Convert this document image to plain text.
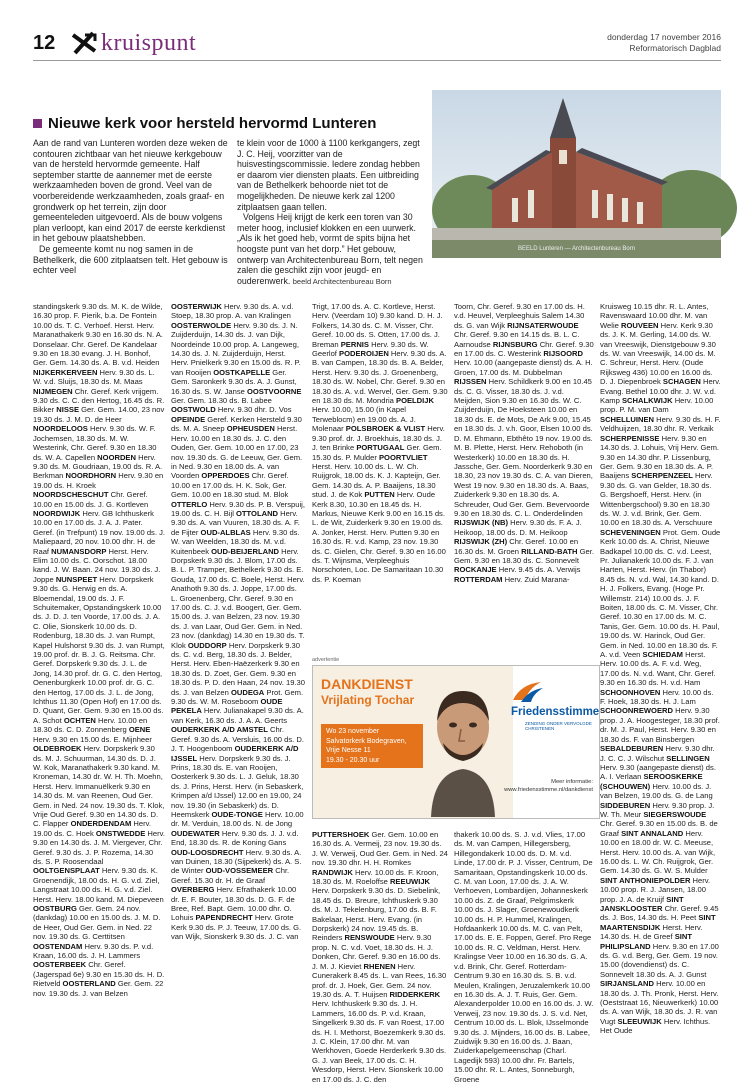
12 kruispunt	donderdag 17 november 2016
Reformatorisch Dagblad
Nieuwe kerk voor hersteld hervormd Lunteren

Aan de rand van Lunteren worden deze weken de contouren zichtbaar van het nieuwe kerkgebouw van de hersteld hervormde gemeente. Half september startte de aannemer met de eerste werkzaamheden boven de grond. Veel van de voorbereidende werkzaamheden, zoals graaf- en grondwerk op het terrein, zijn door gemeenteleden uitgevoerd. Als de bouw volgens plan verloopt, kan eind 2017 de eerste kerkdienst in het gebouw plaatshebben.

De gemeente komt nu nog samen in de Bethelkerk, die 600 zitplaatsen telt. Het gebouw is echter veel

te klein voor de 1000 à 1100 kerkgangers, zegt J. C. Heij, voorzitter van de huisvestingscommissie. Iedere zondag hebben er daarom vier diensten plaats. Een uitbreiding van de Bethelkerk behoorde niet tot de mogelijkheden. De nieuwe kerk zal 1200 zitplaatsen gaan tellen.

Volgens Heij krijgt de kerk een toren van 30 meter hoog, inclusief klokken en een uurwerk. „Als ik het goed heb, vormt de spits bijna het hoogste punt van het dorp.” Het gebouw, ontwerp van Architectenbureau Born, telt negen zalen die geschikt zijn voor jeugd- en ouderenwerk. beeld Architectenbureau Born

BEELD Lunteren — Architectenbureau Born
standingskerk 9.30 ds. M. K. de Wilde, 16.30 prop. F. Pierik, b.a. De Fontein 10.00 ds. T. C. Verhoef. Herst. Herv. Maranathakerk 9.30 en 16.30 ds. N. A. Donselaar. Chr. Geref. De Kandelaar 9.30 en 18.30 evang. J. H. Bonhof, Ger. Gem. 14.30 ds. A. B. v.d. Heiden NIJKERKERVEEN Herv. 9.30 ds. L. W. v.d. Sluijs, 18.30 ds. M. Maas NIJMEGEN Chr. Geref. Kerk vrijgem. 9.30 ds. C. C. den Hertog, 16.45 ds. R. Bikker NISSE Ger. Gem. 14.00, 23 nov 19.30 ds. J. M. D. de Heer NOORDELOOS Herv. 9.30 ds. W. F. Jochemsen, 18.30 ds. M. W. Westerink, Chr. Geref. 9.30 en 18.30 ds. W. A. Capellen NOORDEN Herv. 9.30 ds. M. Goudriaan, 19.00 ds. R. A. Berkman NOORDHORN Herv. 9.30 en 19.00 ds. H. Kroek NOORDSCHESCHUT Chr. Geref. 10.00 en 15.00 ds. J. G. Kortleven NOORDWIJK Herv. GB Ichthuskerk 10.00 en 17.00 ds. J. A. J. Pater. Geref. (in Trefpunt) 19 nov. 19.00 ds. J. Maliepaard, 20 nov. 10.00 dhr. H. de Raaf NUMANSDORP Herst. Herv. Elim 10.00 ds. C. Oorschot. 18.00 kand. J. W. Baan. 24 nov. 19.30 ds. J. Joppe NUNSPEET Herv. Dorpskerk 9.30 ds. G. Herwig en ds. A. Bloemendal, 19.00 ds. J. F. Schuitemaker, Opstandingskerk 10.00 ds. J. D. J. ten Voorde, 17.00 ds. J. A. C. Olie, Sionskerk 10.00 ds. D. Rodenburg, 18.30 ds. J. van Rumpt, Kapel Hulshorst 9.30 ds. J. van Rumpt, 19.00 prof. dr. B. J. G. Reitsma. Chr. Geref. Dorpskerk 9.30 ds. J. L. de Jong, 14.30 prof. dr. G. C. den Hertog, Oenenburgkerk 10.00 prof. dr. G. C. den Hertog, 17.00 ds. J. L. de Jong, Ichthus 11.30 (Open Hof) en 17.00 ds. D. Quant, Ger. Gem. 9.30 en 15.00 ds. A. Schot OCHTEN Herv. 10.00 en 18.30 ds. C. D. Zonnenberg OENE Herv. 9.30 en 15.00 ds. E. Mijnheer OLDEBROEK Herv. Dorpskerk 9.30 ds. M. J. Schuurman, 14.30 ds. D. J. W. Kok, Maranathakerk 9.30 kand. M. Kroneman, 14.30 dr. W. H. Th. Moehn, Herst. Herv. Immanuëlkerk 9.30 en 14.30 ds. M. van Reenen, Oud Ger. Gem. in Ned. 24 nov. 19.30 ds. T. Klok, Vrije Oud Geref. 9.30 en 14.30 ds. D. C. Flapper ONDERDENDAM Herv. 19.00 ds. C. Hoek ONSTWEDDE Herv. 9.30 en 14.30 ds. J. M. Viergever, Chr. Geref. 9.30 ds. J. P. Rozema, 14.30 ds. S. P. Roosendaal OOLTGENSPLAAT Herv. 9.30 ds. K. Groenendijk, 18.00 ds. H. G. v.d. Ziel, Langstraat 10.00 ds. H. G. v.d. Ziel. Herst. Herv. 18.00 kand. M. Diepeveen OOSTBURG Ger. Gem. 24 nov. (dankdag) 10.00 en 15.00 ds. J. M. D. de Heer, Oud Ger. Gem. in Ned. 22 nov. 19.30 ds. G. Certtitsen OOSTENDAM Herv. 9.30 ds. P. v.d. Kraan, 16.00 ds. J. H. Lammers OOSTERBEEK Chr. Geref. (Jagerspad 6e) 9.30 en 15.30 ds. H. D. Rietveld OOSTERLAND Ger. Gem. 22 nov. 19.30 ds. J. van Belzen
OOSTERWIJK Herv. 9.30 ds. A. v.d. Stoep, 18.30 prop. A. van Kralingen OOSTERWOLDE Herv. 9.30 ds. J. N. Zuijderduijn, 14.30 ds. J. van Dijk, Noordeinde 10.00 prop. A. Langeweg, 14.30 ds. J. N. Zuijderduijn, Herst. Herv. Pnielkerk 9.30 en 15.00 ds. R. P. van Rooijen OOSTKAPELLE Ger. Gem. Saronkerk 9.30 ds. A. J. Gunst, 16.30 ds. S. W. Janse OOSTVOORNE Ger. Gem. 18.30 ds. B. Labee OOSTWOLD Herv. 9.30 dhr. D. Vos OPEINDE Geref. Kerken Hersteld 9.30 ds. M. A. Sneep OPHEUSDEN Herst. Herv. 10.00 en 18.30 ds. J. C. den Ouden, Ger. Gem. 10.00 en 17.00, 23 nov. 19.30 ds. G. de Leeuw, Ger. Gem. in Ned. 9.30 en 18.00 ds. A. van Voorden OPPERDOES Chr. Geref. 10.00 en 17.00 ds. H. K. Sok, Ger. Gem. 10.00 en 18.30 stud. M. Blok OTTERLO Herv. 9.30 ds. P. B. Verspuij, 19.00 ds. C. H. Bijl OTTOLAND Herv. 9.30 ds. A. van Vuuren, 18.30 ds. A. F. de Fijter OUD-ALBLAS Herv. 9.30 ds. W. van Weelden, 18.30 ds. M. v.d. Kuitenbeek OUD-BEIJERLAND Herv. Dorpskerk 9.30 ds. J. Blom, 17.00 ds. B. L. P. Tramper, Bethelkerk 9.30 ds. E. Gouda, 17.00 ds. C. Boele, Herst. Herv. Anathoth 9.30 ds. J. Joppe, 17.00 ds. L. Groenenberg, Chr. Geref. 9.30 en 17.00 ds. C. J. v.d. Boogert, Ger. Gem. 15.00 ds. J. van Belzen, 23 nov. 19.30 ds. J. van Laar, Oud Ger. Gem. in Ned. 23 nov. (dankdag) 14.30 en 19.30 ds. T. Klok OUDDORP Herv. Dorpskerk 9.30 ds. C. v.d. Berg, 18.30 ds. J. Belder, Herst. Herv. Eben-Haëzerkerk 9.30 en 18.30 ds. D. Zoet, Ger. Gem. 9.30 en 18.30 ds. P. D. den Haan, 24 nov. 19.30 ds. J. van Belzen OUDEGA Prot. Gem. 9.30 ds. W. M. Roseboom OUDE PEKELA Herv. Julianakapel 9.30 ds. A. van Kerk, 16.30 ds. J. A. A. Geerts OUDERKERK A/D AMSTEL Chr. Geref. 9.30 ds. A. Versluis, 16.00 ds. D. J. T. Hoogenboom OUDERKERK A/D IJSSEL Herv. Dorpskerk 9.30 ds. J. Prins, 18.30 ds. E. van Rooijen, Oosterkerk 9.30 ds. L. J. Geluk, 18.30 ds. J. Prins, Herst. Herv. (in Sebaskerk, Krimpen a/d IJssel) 12.00 en 19.00, 24 nov. 19.30 (in Sebaskerk) ds. D. Heemskerk OUDE-TONGE Herv. 10.00 dr. M. Verduin, 18.00 ds. N. de Jong OUDEWATER Herv. 9.30 ds. J. J. v.d. End, 18.30 ds. R. de Koning Gans OUD-LOOSDRECHT Herv. 9.30 ds. A. van Duinen, 18.30 (Sijpekerk) ds. A. S. de Winter OUD-VOSSEMEER Chr. Geref. 15.30 dr. H. de Graaf OVERBERG Herv. Efrathakerk 10.00 dr. E. F. Bouter, 18.30 ds. D. G. F. de Bree, Ref. Bapt. Gem. 10.00 dhr. O. Lohuis PAPENDRECHT Herv. Grote Kerk 9.30 ds. P. J. Teeuw, 17.00 ds. G. van Wijk, Sionskerk 9.30 ds. J. C. van
Trigt, 17.00 ds. A. C. Kortleve, Herst. Herv. (Veerdam 10) 9.30 kand. D. H. J. Folkers, 14.30 ds. C. M. Visser, Chr. Geref. 10.00 ds. S. Otten, 17.00 ds. J. Breman PERNIS Herv. 9.30 ds. W. Geerlof PODEROIJEN Herv. 9.30 ds. A. B. van Campen, 18.30 ds. B. A. Belder, Herst. Herv. 9.30 ds. J. Groenenberg, 18.30 ds. W. Nobel, Chr. Geref. 9.30 en 18.30 ds. A. v.d. Wervel, Ger. Gem. 9.30 en 18.30 ds. M. Mondria POELDIJK Herv. 10.00, 15.00 (in Kapel Terweblocm) en 19.00 ds. A. J. Molenaar POLSBROEK & VLIST Herv. 9.30 prof. dr. J. Broekhuis, 18.30 ds. J. J. ten Brinke PORTUGAAL Ger. Gem. 15.30 ds. P. Mulder POORTVLIET Herst. Herv. 10.00 ds. L. W. Ch. Ruijgrok, 18.00 ds. K. J. Kapteijn, Ger. Gem. 14.30 ds. A. P. Baaijens, 18.30 stud. J. de Kok PUTTEN Herv. Oude Kerk 8.30, 10.30 en 18.45 ds. H. Markus, Nieuwe Kerk 9.00 en 16.15 ds. L. de Wit, Zuiderkerk 9.30 en 19.00 ds. A. Jonker, Herst. Herv. Putten 9.30 en 16.30 ds. R. v.d. Kamp, 23 nov. 19.30 ds. C. Gielen, Chr. Geref. 9.30 en 16.00 ds. T. Wijnsma, Verpleeghuis Norschoten, Loc. De Samaritaan 10.30 ds. P. Koeman
Toorn, Chr. Geref. 9.30 en 17.00 ds. H. v.d. Heuvel, Verpleeghuis Salem 14.30 ds. G. van Wijk RIJNSATERWOUDE Chr. Geref. 9.30 en 14.15 ds. B. L. C. Aarnoudse RIJNSBURG Chr. Geref. 9.30 en 17.00 ds. C. Westerink RIJSOORD Herv. 10.00 (aangepaste dienst) ds. A. H. Groen, 17.00 ds. M. Dubbelman RIJSSEN Herv. Schildkerk 9.00 en 10.45 ds. C. G. Visser, 18.30 ds. J. v.d. Meijden, Sion 9.30 en 16.30 ds. W. C. Zuijderduijn, De Hoeksteen 10.00 en 18.30 ds. E. de Mots, De Ark 9.00, 15.45 en 18.30 ds. J. v.h. Goor, Elsen 10.00 ds. D. M. Ehmann, Ebthêto 19 nov. 19.00 ds. M. B. Plette, Herst. Herv. Rehoboth (in Westerkerk) 10.00 en 18.30 ds. H. Jassche, Ger. Gem. Noorderkerk 9.30 en 18.30, 23 nov 19.30 ds. C. A. van Dieren, West 19 nov. 9.30 en 18.30 ds. A. Baas, Zuiderkerk 9.30 en 18.30 ds. A. Schreuder, Oud Ger. Gem. Bevervoorde 9.30 en 18.30 ds. C. L. Onderdelinden RIJSWIJK (NB) Herv. 9.30 ds. F. A. J. Heikoop, 18.00 ds. D. M. Heikoop RIJSWIJK (ZH) Chr. Geref. 10.00 en 16.30 ds. M. Groen RILLAND-BATH Ger. Gem. 9.30 en 18.30 ds. C. Sonnevelt ROCKANJE Herv. 9.45 ds. A. Verwijs ROTTERDAM Herv. Zuid Marana-
PUTTERSHOEK Ger. Gem. 10.00 en 16.30 ds. A. Vermeij, 23 nov. 19.30 ds. J. W. Verweij, Oud Ger. Gem. in Ned. 24 nov. 19.30 dhr. H. H. Romkes RANDWIJK Herv. 10.00 ds. F. Kroon, 18.30 ds. M. Roeloffse REEUWIJK Herv. Dorpskerk 9.30 ds. D. Siebelink, 18.45 ds. D. Breure, Ichthuskerk 9.30 ds. M. J. Tekelenburg, 17.00 ds. B. F. Bakelaar, Herst. Herv. Evang. (in Dorpskerk) 24 nov. 19.45 ds. B. Reinders RENSWOUDE Herv. 9.30 prop. N. C. v.d. Voet, 18.30 ds. H. J. Donken, Chr. Geref. 9.30 en 16.00 ds. J. M. J. Kieviet RHENEN Herv. Cunerakerk 8.45 ds. L. van Rees, 16.30 prof. dr. J. Hoek, Ger. Gem. 24 nov. 19.30 ds. A. T. Huijsen RIDDERKERK Herv. Ichthuskerk 9.30 ds. J. H. Lammers, 16.00 ds. P. v.d. Kraan, Singelkerk 9.30 ds. F. van Roest, 17.00 ds. H. I. Methorst, Boezemkerk 9.30 ds. J. C. Klein, 17.00 dhr. M. van Werkhoven, Goede Herderkerk 9.30 ds. G. J. van Beek, 17.00 ds. C. H. Wesdorp, Herst. Herv. Sionskerk 10.00 en 17.00 ds. J. C. den
thakerk 10.00 ds. S. J. v.d. Vlies, 17.00 ds. M. van Campen, Hillegersberg, Hillegondakerk 10.00 ds. D. M. v.d. Linde, 17.00 dr. P. J. Visser, Centrum, De Samaritaan, Opstandingskerk 10.00 ds. C. M. van Loon, 17.00 ds. J. A. W. Verhoeven, Lombardijen, Johanneskerk 10.00 ds. Z. de Graaf, Pelgrimskerk 10.00 ds. J. Slager, Groenewoudkerk 10.00 ds. H. P. Hummel, Kralingen, Hofdaankerk 10.00 ds. M. C. van Pelt, 17.00 ds. E. E. Foppen, Geref. Pro Rege 10.00 ds. R. C. Veldman, Herst. Herv. Kralingse Veer 10.00 en 16.30 ds. G. A. v.d. Brink, Chr. Geref. Rotterdam-Centrum 9.30 en 16.30 ds. S. B. v.d. Meulen, Kralingen, Jeruzalemkerk 10.00 en 16.30 ds. A. J. T. Ruis, Ger. Gem. Alexanderpolder 10.00 en 16.00 ds. J. W. Verweij, 23 nov. 19.30 ds. J. S. v.d. Net, Centrum 10.00 ds. L. Blok, IJsselmonde 9.30 ds. J. Mijnders, 16.00 ds. B. Labee, Zuidwijk 9.30 en 16.00 ds. J. Baan, Zuiderkapelgemeenschap (Charl. Lagedijk 593) 10.00 dhr. Fr. Bartels, 15.00 dhr. R. L. Antes, Sonneburgh, Groene
Kruisweg 10.15 dhr. R. L. Antes, Ravenswaard 10.00 dhr. M. van Welie ROUVEEN Herv. Kerk 9.30 ds. J. K. M. Gerling, 14.00 ds. W. van Vreeswijk, Dienstgebouw 9.30 ds. W. van Vreeswijk, 14.00 ds. M. C. Schreur, Herst. Herv. (Oude Rijksweg 436) 10.00 en 16.00 ds. D. J. Diepenbroek SCHAGEN Herv. Evang. Bethel 10.00 dhr. J. W. v.d. Kamp SCHALKWIJK Herv. 10.00 prop. P. M. van Dam SCHELLUINEN Herv. 9.30 ds. H. F. Veldhuijzen, 18.30 dhr. R. Verkaik SCHERPENISSE Herv. 9.30 en 14.30 ds. J. Lohuis, Vrij Herv. Gem. 9.30 en 14.30 dhr. P. Lissenburg, Ger. Gem. 9.30 en 18.30 ds. A. P. Baaijens SCHERPENZEEL Herv. 9.30 ds. G. van Gelder, 18.30 ds. G. Bergshoeff, Herst. Herv. (in Wittenbergschool) 9.30 en 18.30 ds. W. J. v.d. Brink, Ger. Gem. 10.00 en 18.30 ds. A. Verschuure SCHEVENINGEN Prot. Gem. Oude Kerk 10.00 ds. A. Christ, Nieuwe Badkapel 10.00 ds. C. v.d. Leest, Pr. Julianakerk 10.00 ds. F. J. van Harten, Herst. Herv. (in Thabor) 8.45 ds. N. v.d. Wal, 14.30 kand. D. H. J. Folkers, Evang. (Hoge Pr. Willemstr. 214) 10.00 ds. J. F. Boiten, 18.00 ds. C. M. Visser, Chr. Geref. 10.30 en 17.00 ds. M. C. Tanis, Ger. Gem. 10.00 ds. H. Paul, 19.00 ds. W. Harinck, Oud Ger. Gem. in Ned. 10.00 en 18.30 ds. F. A. v.d. Veen SCHIEDAM Herst. Herv. 10.00 ds. A. F. v.d. Weg, 17.00 ds. N. v.d. Want, Chr. Geref. 9.30 en 16.30 ds. H. v.d. Ham SCHOONHOVEN Herv. 10.00 ds. F. Hoek, 18.30 ds. H. J. Lam SCHOONREWOERD Herv. 9.30 prop. J. A. Hoogesteger, 18.30 prof. dr. M. J. Paul, Herst. Herv. 9.30 en 18.30 ds. F. van Binsbergen SEBALDEBUREN Herv. 9.30 dhr. J. C. C. J. Wilschut SELLINGEN Herv. 9.30 (aangepaste dienst) ds. A. I. Verlaan SEROOSKERKE (SCHOUWEN) Herv. 10.00 ds. J. van Belzen, 19.00 ds. G. de Lang SIDDEBUREN Herv. 9.30 prop. J. W. Th. Meur SIEGERSWOUDE Chr. Geref. 9.30 en 15.00 ds. B. de Graaf SINT ANNALAND Herv. 10.00 en 18.00 dr. W. C. Meeuse, Herst. Herv. 10.00 ds. A. van Wijk, 16.00 ds. L. W. Ch. Ruijgrok, Ger. Gem. 14.30 ds. G. W. S. Mulder SINT ANTHONIEPOLDER Herv. 10.00 prop. R. J. Jansen, 18.00 prop. J. A. de Kruijf SINT JANSKLOOSTER Chr. Geref. 9.45 ds. J. Bos, 14.30 ds. H. Peet SINT MAARTENSDIJK Herst. Herv. 14.30 ds. H. de Greef SINT PHILIPSLAND Herv. 9.30 en 17.00 ds. G. v.d. Berg, Ger. Gem. 19 nov. 15.00 (dovendienst) ds. C. Sonnevelt 18.30 ds. A. J. Gunst SIRJANSLAND Herv. 10.00 en 18.30 ds. J. Th. Pronk, Herst. Herv. (Oeststraat 16, Nieuwerkerk) 10.00 ds. A. van Wijk, 18.30 ds. J. R. van Vugt SLEEUWIJK Herv. Ichthus. Het Oude
advertentie
DANKDIENST
Vrijlating Tochar
Wo 23 november
Salvatorkerk Bodegraven,
Vrije Nesse 11
19.30 - 20.30 uur
Friedensstimme
ZENDING ONDER VERVOLGDE CHRISTENEN
Meer informatie:
www.friedensstimme.nl/dankdienst
